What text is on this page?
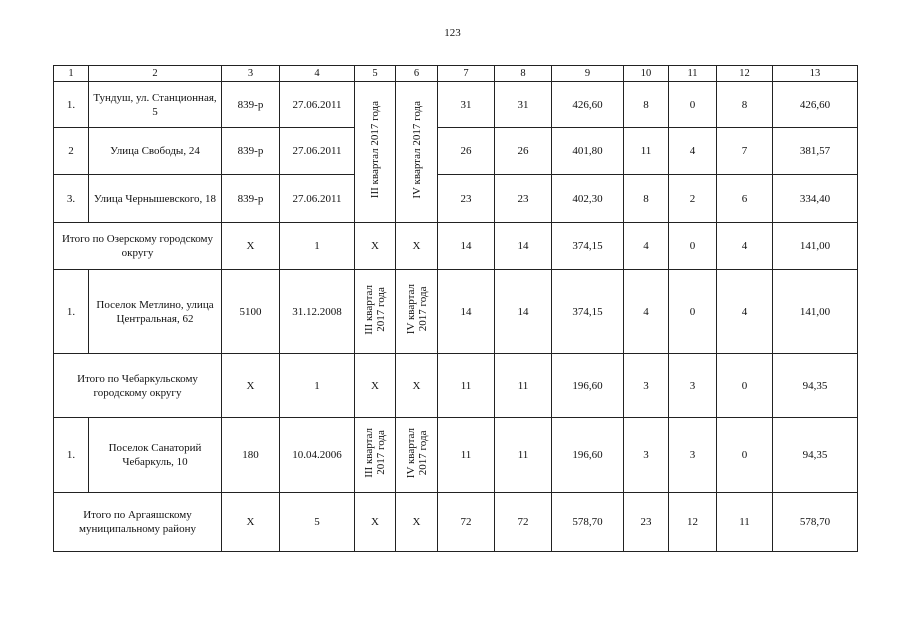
123
1	2	3	4	5	6	7	8	9	10	11	12	13
1.	Тундуш, ул. Станционная, 5	839-р	27.06.2011	III квартал 2017 года	IV квартал 2017 года	31	31	426,60	8	0	8	426,60
2	Улица Свободы, 24	839-р	27.06.2011			26	26	401,80	11	4	7	381,57
3.	Улица Чернышевского, 18	839-р	27.06.2011			23	23	402,30	8	2	6	334,40
Итого по Озерскому городскому округу		X	1	X	X	14	14	374,15	4	0	4	141,00
1.	Поселок Метлино, улица Центральная, 62	5100	31.12.2008	III квартал
2017 года	IV квартал
2017 года	14	14	374,15	4	0	4	141,00
Итого по Чебаркульскому городскому округу		X	1	X	X	11	11	196,60	3	3	0	94,35
1.	Поселок Санаторий Чебаркуль, 10	180	10.04.2006	III квартал
2017 года	IV квартал
2017 года	11	11	196,60	3	3	0	94,35
Итого по Аргаяшскому муниципальному району		X	5	X	X	72	72	578,70	23	12	11	578,70
